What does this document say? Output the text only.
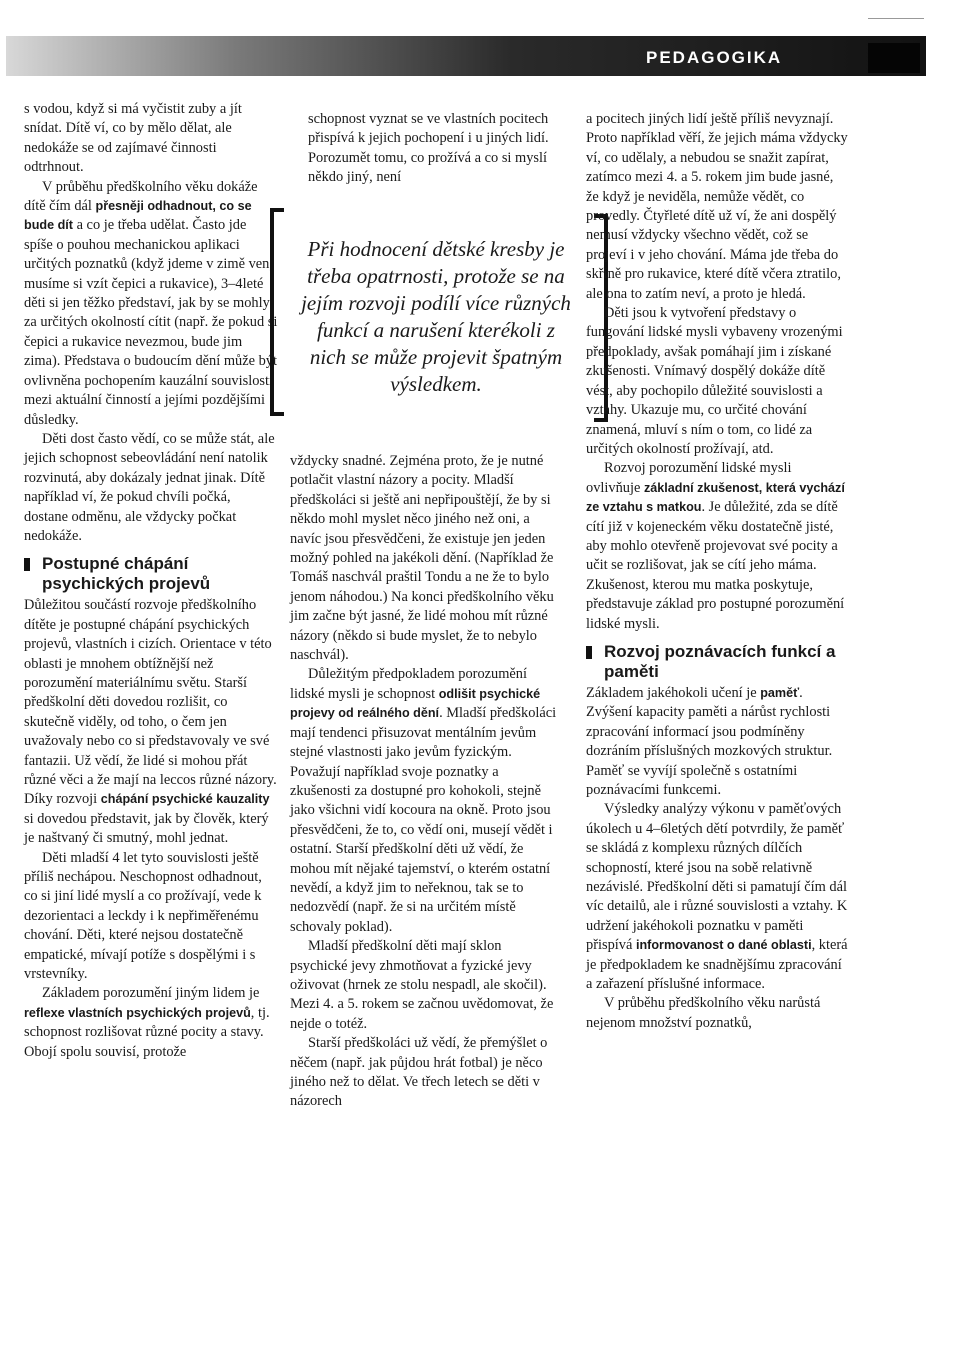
PEDAGOGIKA

s vodou, když si má vyčistit zuby a jít snídat. Dítě ví, co by mělo dělat, ale nedokáže se od zajímavé činnosti odtrhnout.

V průběhu předškolního věku dokáže dítě čím dál přesněji odhadnout, co se bude dít a co je třeba udělat. Často jde spíše o pouhou mechanickou aplikaci určitých poznatků (když jdeme v zimě ven, musíme si vzít čepici a rukavice), 3–4leté děti si jen těžko představí, jak by se mohly za určitých okolností cítit (např. že pokud si čepici a rukavice nevezmou, bude jim zima). Představa o budoucím dění může být ovlivněna pochopením kauzální souvislosti mezi aktuální činností a jejími pozdějšími důsledky.

Děti dost často vědí, co se může stát, ale jejich schopnost sebeovládání není natolik rozvinutá, aby dokázaly jednat jinak. Dítě například ví, že pokud chvíli počká, dostane odměnu, ale vždycky počkat nedokáže.

Postupné chápání psychických projevů

Důležitou součástí rozvoje předškolního dítěte je postupné chápání psychických projevů, vlastních i cizích. Orientace v této oblasti je mnohem obtížnější než porozumění materiálnímu světu. Starší předškolní děti dovedou rozlišit, co skutečně viděly, od toho, o čem jen uvažovaly nebo co si představovaly ve své fantazii. Už vědí, že lidé si mohou přát různé věci a že mají na leccos různé názory. Díky rozvoji chápání psychické kauzality si dovedou představit, jak by člověk, který je naštvaný či smutný, mohl jednat.

Děti mladší 4 let tyto souvislosti ještě příliš nechápou. Neschopnost odhadnout, co si jiní lidé myslí a co prožívají, vede k dezorientaci a leckdy i k nepřiměřenému chování. Děti, které nejsou dostatečně empatické, mívají potíže s dospělými i s vrstevníky.

Základem porozumění jiným lidem je reflexe vlastních psychických projevů, tj. schopnost rozlišovat různé pocity a stavy. Obojí spolu souvisí, protože

schopnost vyznat se ve vlastních pocitech přispívá k jejich pochopení i u jiných lidí. Porozumět tomu, co prožívá a co si myslí někdo jiný, není

Při hodnocení dětské kresby je třeba opatrnosti, protože se na jejím rozvoji podílí více různých funkcí a narušení kterékoli z nich se může projevit špatným výsledkem.

vždycky snadné. Zejména proto, že je nutné potlačit vlastní názory a pocity. Mladší předškoláci si ještě ani nepřipouštějí, že by si někdo mohl myslet něco jiného než oni, a navíc jsou přesvědčeni, že existuje jen jeden možný pohled na jakékoli dění. (Například že Tomáš naschvál praštil Tondu a ne že to bylo jenom náhodou.) Na konci předškolního věku jim začne být jasné, že lidé mohou mít různé názory (někdo si bude myslet, že to nebylo naschvál).

Důležitým předpokladem porozumění lidské mysli je schopnost odlišit psychické projevy od reálného dění. Mladší předškoláci mají tendenci přisuzovat mentálním jevům stejné vlastnosti jako jevům fyzickým. Považují například svoje poznatky a zkušenosti za dostupné pro kohokoli, stejně jako všichni vidí kocoura na okně. Proto jsou přesvědčeni, že to, co vědí oni, musejí vědět i ostatní. Starší předškolní děti už vědí, že mohou mít nějaké tajemství, o kterém ostatní nevědí, a když jim to neřeknou, tak se to nedozvědí (např. že si na určitém místě schovaly poklad).

Mladší předškolní děti mají sklon psychické jevy zhmotňovat a fyzické jevy oživovat (hrnek ze stolu nespadl, ale skočil). Mezi 4. a 5. rokem se začnou uvědomovat, že nejde o totéž.

Starší předškoláci už vědí, že přemýšlet o něčem (např. jak půjdou hrát fotbal) je něco jiného než to dělat. Ve třech letech se děti v názorech

a pocitech jiných lidí ještě příliš nevyznají. Proto například věří, že jejich máma vždycky ví, co udělaly, a nebudou se snažit zapírat, zatímco mezi 4. a 5. rokem jim bude jasné, že když je neviděla, nemůže vědět, co provedly. Čtyřleté dítě už ví, že ani dospělý nemusí vždycky všechno vědět, což se projeví i v jeho chování. Máma jde třeba do skříně pro rukavice, které dítě včera ztratilo, ale ona to zatím neví, a proto je hledá.

Děti jsou k vytvoření představy o fungování lidské mysli vybaveny vrozenými předpoklady, avšak pomáhají jim i získané zkušenosti. Vnímavý dospělý dokáže dítě vést, aby pochopilo důležité souvislosti a vztahy. Ukazuje mu, co určité chování znamená, mluví s ním o tom, co lidé za určitých okolností prožívají, atd.

Rozvoj porozumění lidské mysli ovlivňuje základní zkušenost, která vychází ze vztahu s matkou. Je důležité, zda se dítě cítí již v kojeneckém věku dostatečně jisté, aby mohlo otevřeně projevovat své pocity a učit se rozlišovat, jak se cítí jeho máma. Zkušenost, kterou mu matka poskytuje, představuje základ pro postupné porozumění lidské mysli.

Rozvoj poznávacích funkcí a paměti

Základem jakéhokoli učení je paměť. Zvýšení kapacity paměti a nárůst rychlosti zpracování informací jsou podmíněny dozráním příslušných mozkových struktur. Paměť se vyvíjí společně s ostatními poznávacími funkcemi.

Výsledky analýzy výkonu v paměťových úkolech u 4–6letých dětí potvrdily, že paměť se skládá z komplexu různých dílčích schopností, které jsou na sobě relativně nezávislé. Předškolní děti si pamatují čím dál víc detailů, ale i různé souvislosti a vztahy. K udržení jakéhokoli poznatku v paměti přispívá informovanost o dané oblasti, která je předpokladem ke snadnějšímu zpracování a zařazení příslušné informace.

V průběhu předškolního věku narůstá nejenom množství poznatků,
